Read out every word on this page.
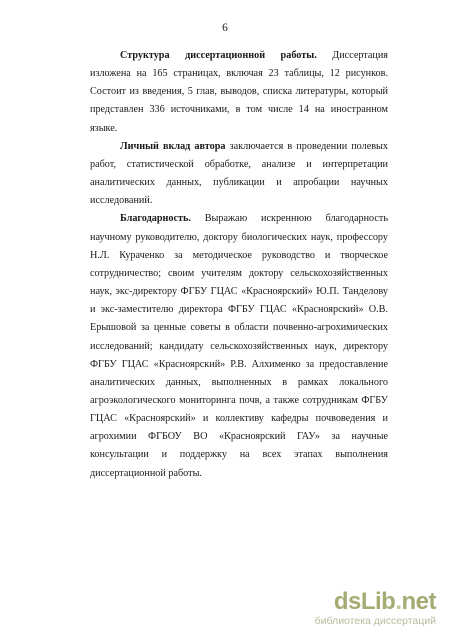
6

Структура диссертационной работы. Диссертация изложена на 165 страницах, включая 23 таблицы, 12 рисунков. Состоит из введения, 5 глав, выводов, списка литературы, который представлен 336 источниками, в том числе 14 на иностранном языке.

Личный вклад автора заключается в проведении полевых работ, статистической обработке, анализе и интерпретации аналитических данных, публикации и апробации научных исследований.

Благодарность. Выражаю искреннюю благодарность научному руководителю, доктору биологических наук, профессору Н.Л. Кураченко за методическое руководство и творческое сотрудничество; своим учителям доктору сельскохозяйственных наук, экс-директору ФГБУ ГЦАС «Красноярский» Ю.П. Танделову и экс-заместителю директора ФГБУ ГЦАС «Красноярский» О.В. Ерышовой за ценные советы в области почвенно-агрохимических исследований; кандидату сельскохозяйственных наук, директору ФГБУ ГЦАС «Красноярский» Р.В. Алхименко за предоставление аналитических данных, выполненных в рамках локального агроэкологического мониторинга почв, а также сотрудникам ФГБУ ГЦАС «Красноярский» и коллективу кафедры почвоведения и агрохимии ФГБОУ ВО «Красноярский ГАУ» за научные консультации и поддержку на всех этапах выполнения диссертационной работы.

dsLib.net
библиотека диссертаций
